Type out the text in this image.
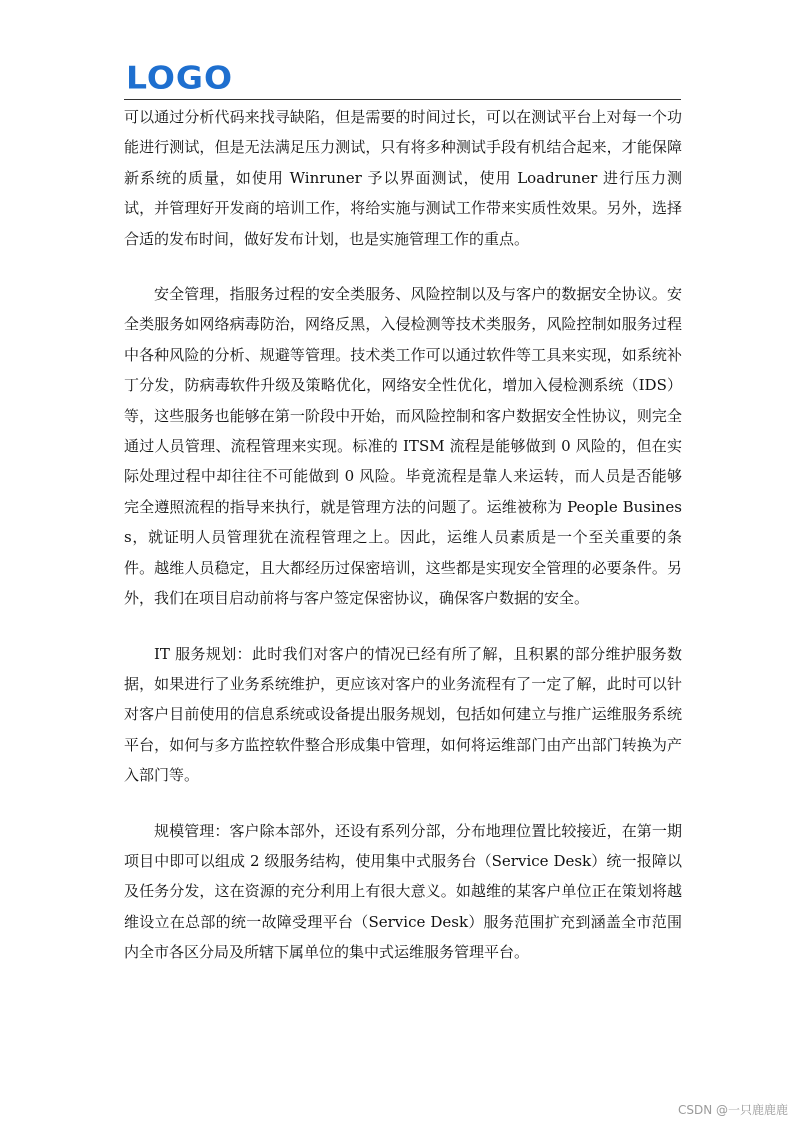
LOGO

可以通过分析代码来找寻缺陷，但是需要的时间过长，可以在测试平台上对每一个功能进行测试，但是无法满足压力测试，只有将多种测试手段有机结合起来，才能保障新系统的质量，如使用 Winruner 予以界面测试，使用 Loadruner 进行压力测试，并管理好开发商的培训工作，将给实施与测试工作带来实质性效果。另外，选择合适的发布时间，做好发布计划，也是实施管理工作的重点。

安全管理，指服务过程的安全类服务、风险控制以及与客户的数据安全协议。安全类服务如网络病毒防治，网络反黑，入侵检测等技术类服务，风险控制如服务过程中各种风险的分析、规避等管理。技术类工作可以通过软件等工具来实现，如系统补丁分发，防病毒软件升级及策略优化，网络安全性优化，增加入侵检测系统（IDS）等，这些服务也能够在第一阶段中开始，而风险控制和客户数据安全性协议，则完全通过人员管理、流程管理来实现。标准的 ITSM 流程是能够做到 0 风险的，但在实际处理过程中却往往不可能做到 0 风险。毕竟流程是靠人来运转，而人员是否能够完全遵照流程的指导来执行，就是管理方法的问题了。运维被称为 People Business，就证明人员管理犹在流程管理之上。因此，运维人员素质是一个至关重要的条件。越维人员稳定，且大都经历过保密培训，这些都是实现安全管理的必要条件。另外，我们在项目启动前将与客户签定保密协议，确保客户数据的安全。

IT 服务规划：此时我们对客户的情况已经有所了解，且积累的部分维护服务数据，如果进行了业务系统维护，更应该对客户的业务流程有了一定了解，此时可以针对客户目前使用的信息系统或设备提出服务规划，包括如何建立与推广运维服务系统平台，如何与多方监控软件整合形成集中管理，如何将运维部门由产出部门转换为产入部门等。

规模管理：客户除本部外，还设有系列分部，分布地理位置比较接近，在第一期项目中即可以组成 2 级服务结构，使用集中式服务台（Service Desk）统一报障以及任务分发，这在资源的充分利用上有很大意义。如越维的某客户单位正在策划将越维设立在总部的统一故障受理平台（Service Desk）服务范围扩充到涵盖全市范围内全市各区分局及所辖下属单位的集中式运维服务管理平台。

CSDN @一只鹿鹿鹿
